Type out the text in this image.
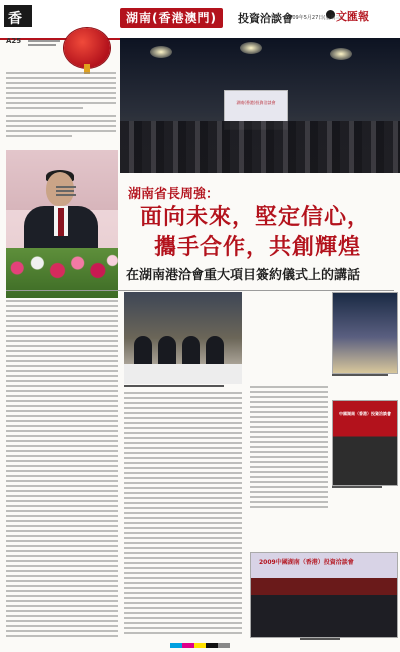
香	湖南(香港澳門)	投資洽談會
2009年5月27日(星期三)
文匯報
A25
湖南(香港)投資洽談會
湖南省長周強：
面向未來，堅定信心，
攜手合作，共創輝煌
在湖南港洽會重大項目簽約儀式上的講話
中國湖南（香港）投資洽談會
2009中國湖南（香港）投資洽談會
